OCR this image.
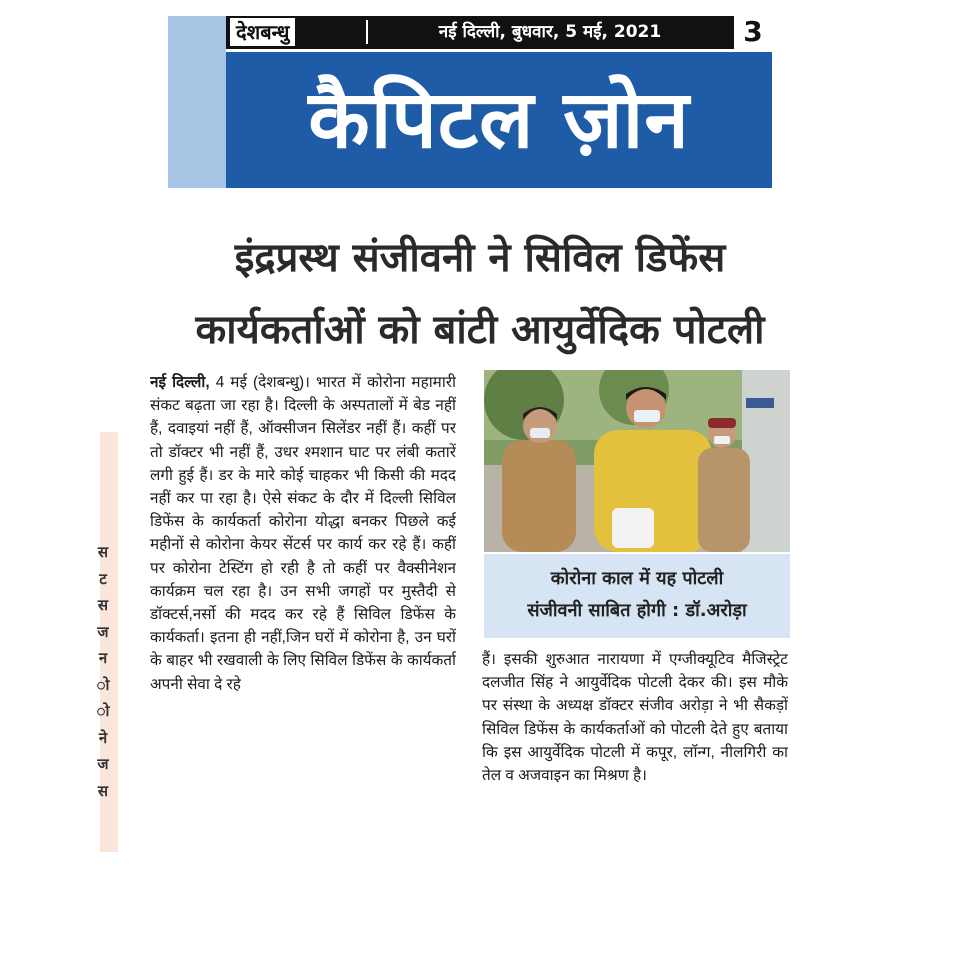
देशबन्धु	नई दिल्ली, बुधवार, 5 मई, 2021	3
कैपिटल ज़ोन
इंद्रप्रस्थ संजीवनी ने सिविल डिफेंस
कार्यकर्ताओं को बांटी आयुर्वेदिक पोटली
स
ट
स
ज
न
ो
ो
ने
ज
स
नई दिल्ली, 4 मई (देशबन्धु)। भारत में कोरोना महामारी संकट बढ़ता जा रहा है। दिल्ली के अस्पतालों में बेड नहीं हैं, दवाइयां नहीं हैं, ऑक्सीजन सिलेंडर नहीं हैं। कहीं पर तो डॉक्टर भी नहीं हैं, उधर श्मशान घाट पर लंबी कतारें लगी हुई हैं। डर के मारे कोई चाहकर भी किसी की मदद नहीं कर पा रहा है। ऐसे संकट के दौर में दिल्ली सिविल डिफेंस के कार्यकर्ता कोरोना योद्धा बनकर पिछले कई महीनों से कोरोना केयर सेंटर्स पर कार्य कर रहे हैं। कहीं पर कोरोना टेस्टिंग हो रही है तो कहीं पर वैक्सीनेशन कार्यक्रम चल रहा है। उन सभी जगहों पर मुस्तैदी से डॉक्टर्स,नर्सो की मदद कर रहे हैं सिविल डिफेंस के कार्यकर्ता। इतना ही नहीं,जिन घरों में कोरोना है, उन घरों के बाहर भी रखवाली के लिए सिविल डिफेंस के कार्यकर्ता अपनी सेवा दे रहे
कोरोना काल में यह पोटली
संजीवनी साबित होगी : डॉ.अरोड़ा
हैं। इसकी शुरुआत नारायणा में एग्जीक्यूटिव मैजिस्ट्रेट दलजीत सिंह ने आयुर्वेदिक पोटली देकर की। इस मौके पर संस्था के अध्यक्ष डॉक्टर संजीव अरोड़ा ने भी सैकड़ों सिविल डिफेंस के कार्यकर्ताओं को पोटली देते हुए बताया कि इस आयुर्वेदिक पोटली में कपूर, लॉन्ग, नीलगिरी का तेल व अजवाइन का मिश्रण है।
